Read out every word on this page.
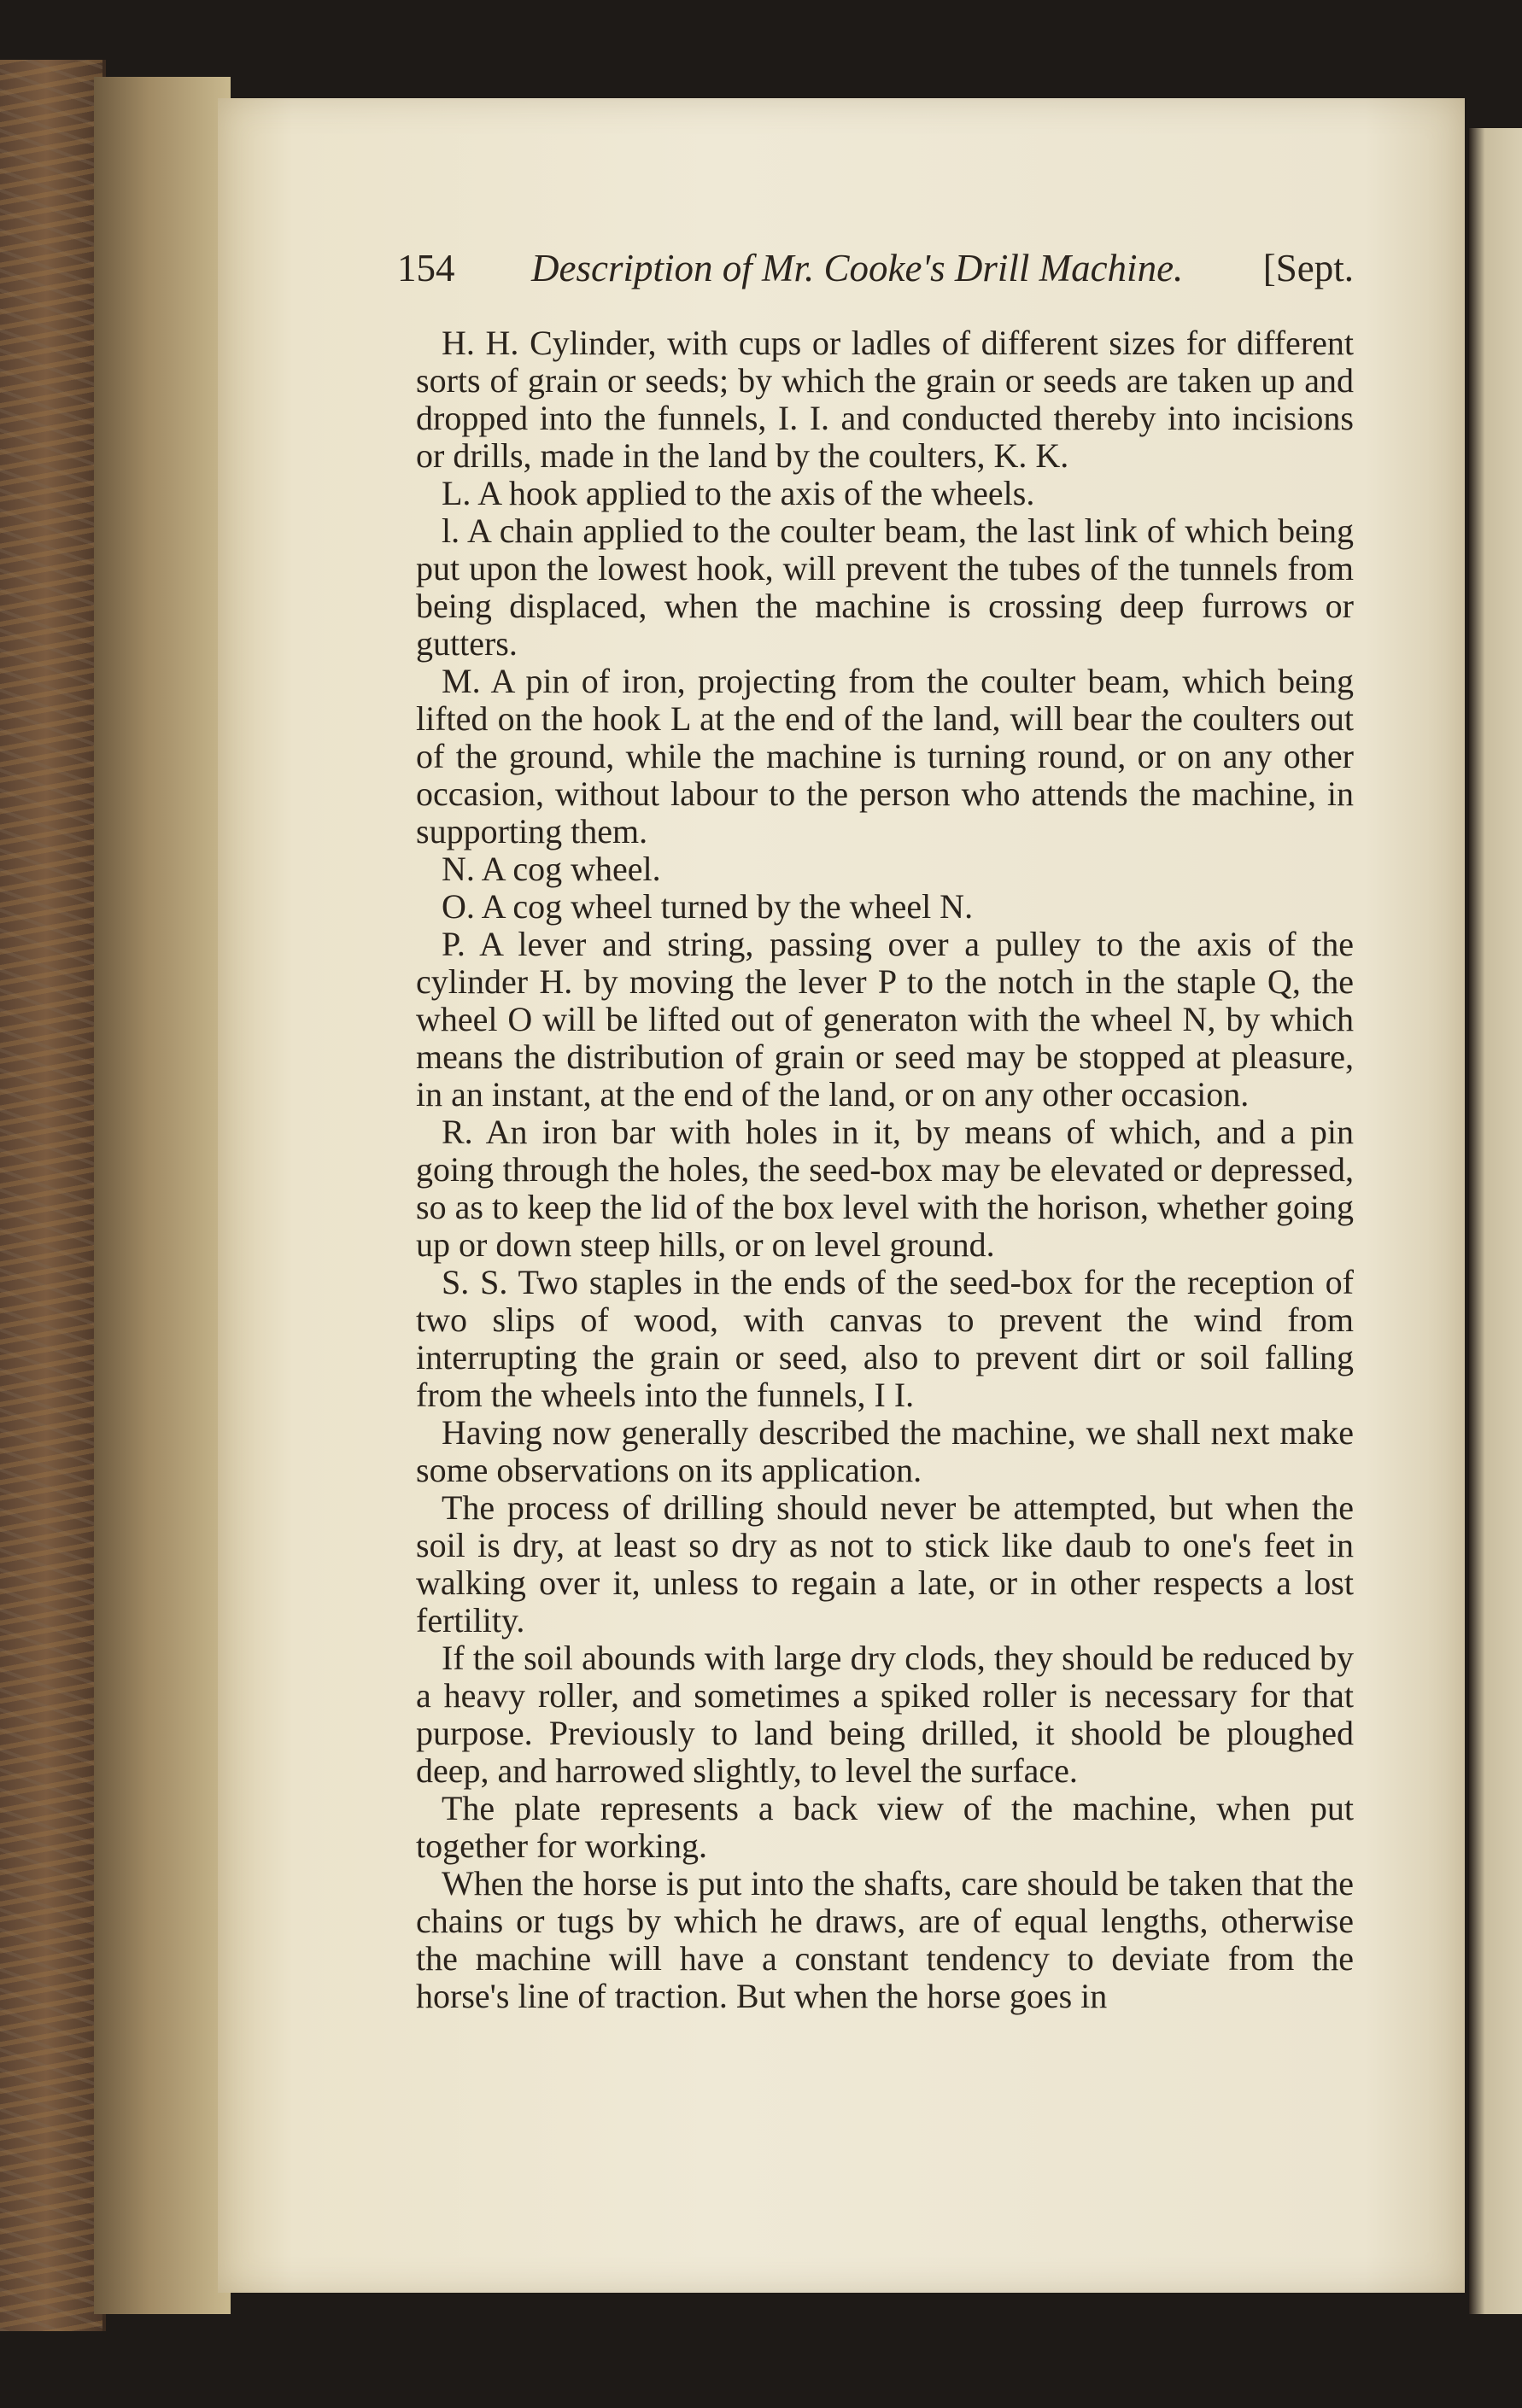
154 Description of Mr. Cooke's Drill Machine. [Sept.

H. H. Cylinder, with cups or ladles of different sizes for different sorts of grain or seeds; by which the grain or seeds are taken up and dropped into the funnels, I. I. and conducted thereby into incisions or drills, made in the land by the coulters, K. K.

L. A hook applied to the axis of the wheels.

l. A chain applied to the coulter beam, the last link of which being put upon the lowest hook, will prevent the tubes of the tunnels from being displaced, when the machine is crossing deep furrows or gutters.

M. A pin of iron, projecting from the coulter beam, which being lifted on the hook L at the end of the land, will bear the coulters out of the ground, while the machine is turning round, or on any other occasion, without labour to the person who attends the machine, in supporting them.

N. A cog wheel.

O. A cog wheel turned by the wheel N.

P. A lever and string, passing over a pulley to the axis of the cylinder H. by moving the lever P to the notch in the staple Q, the wheel O will be lifted out of generaton with the wheel N, by which means the distribution of grain or seed may be stopped at pleasure, in an instant, at the end of the land, or on any other occasion.

R. An iron bar with holes in it, by means of which, and a pin going through the holes, the seed-box may be elevated or depressed, so as to keep the lid of the box level with the horison, whether going up or down steep hills, or on level ground.

S. S. Two staples in the ends of the seed-box for the reception of two slips of wood, with canvas to prevent the wind from interrupting the grain or seed, also to prevent dirt or soil falling from the wheels into the funnels, I I.

Having now generally described the machine, we shall next make some observations on its application.

The process of drilling should never be attempted, but when the soil is dry, at least so dry as not to stick like daub to one's feet in walking over it, unless to regain a late, or in other respects a lost fertility.

If the soil abounds with large dry clods, they should be reduced by a heavy roller, and sometimes a spiked roller is necessary for that purpose. Previously to land being drilled, it shoold be ploughed deep, and harrowed slightly, to level the surface.

The plate represents a back view of the machine, when put together for working.

When the horse is put into the shafts, care should be taken that the chains or tugs by which he draws, are of equal lengths, otherwise the machine will have a constant tendency to deviate from the horse's line of traction. But when the horse goes in
